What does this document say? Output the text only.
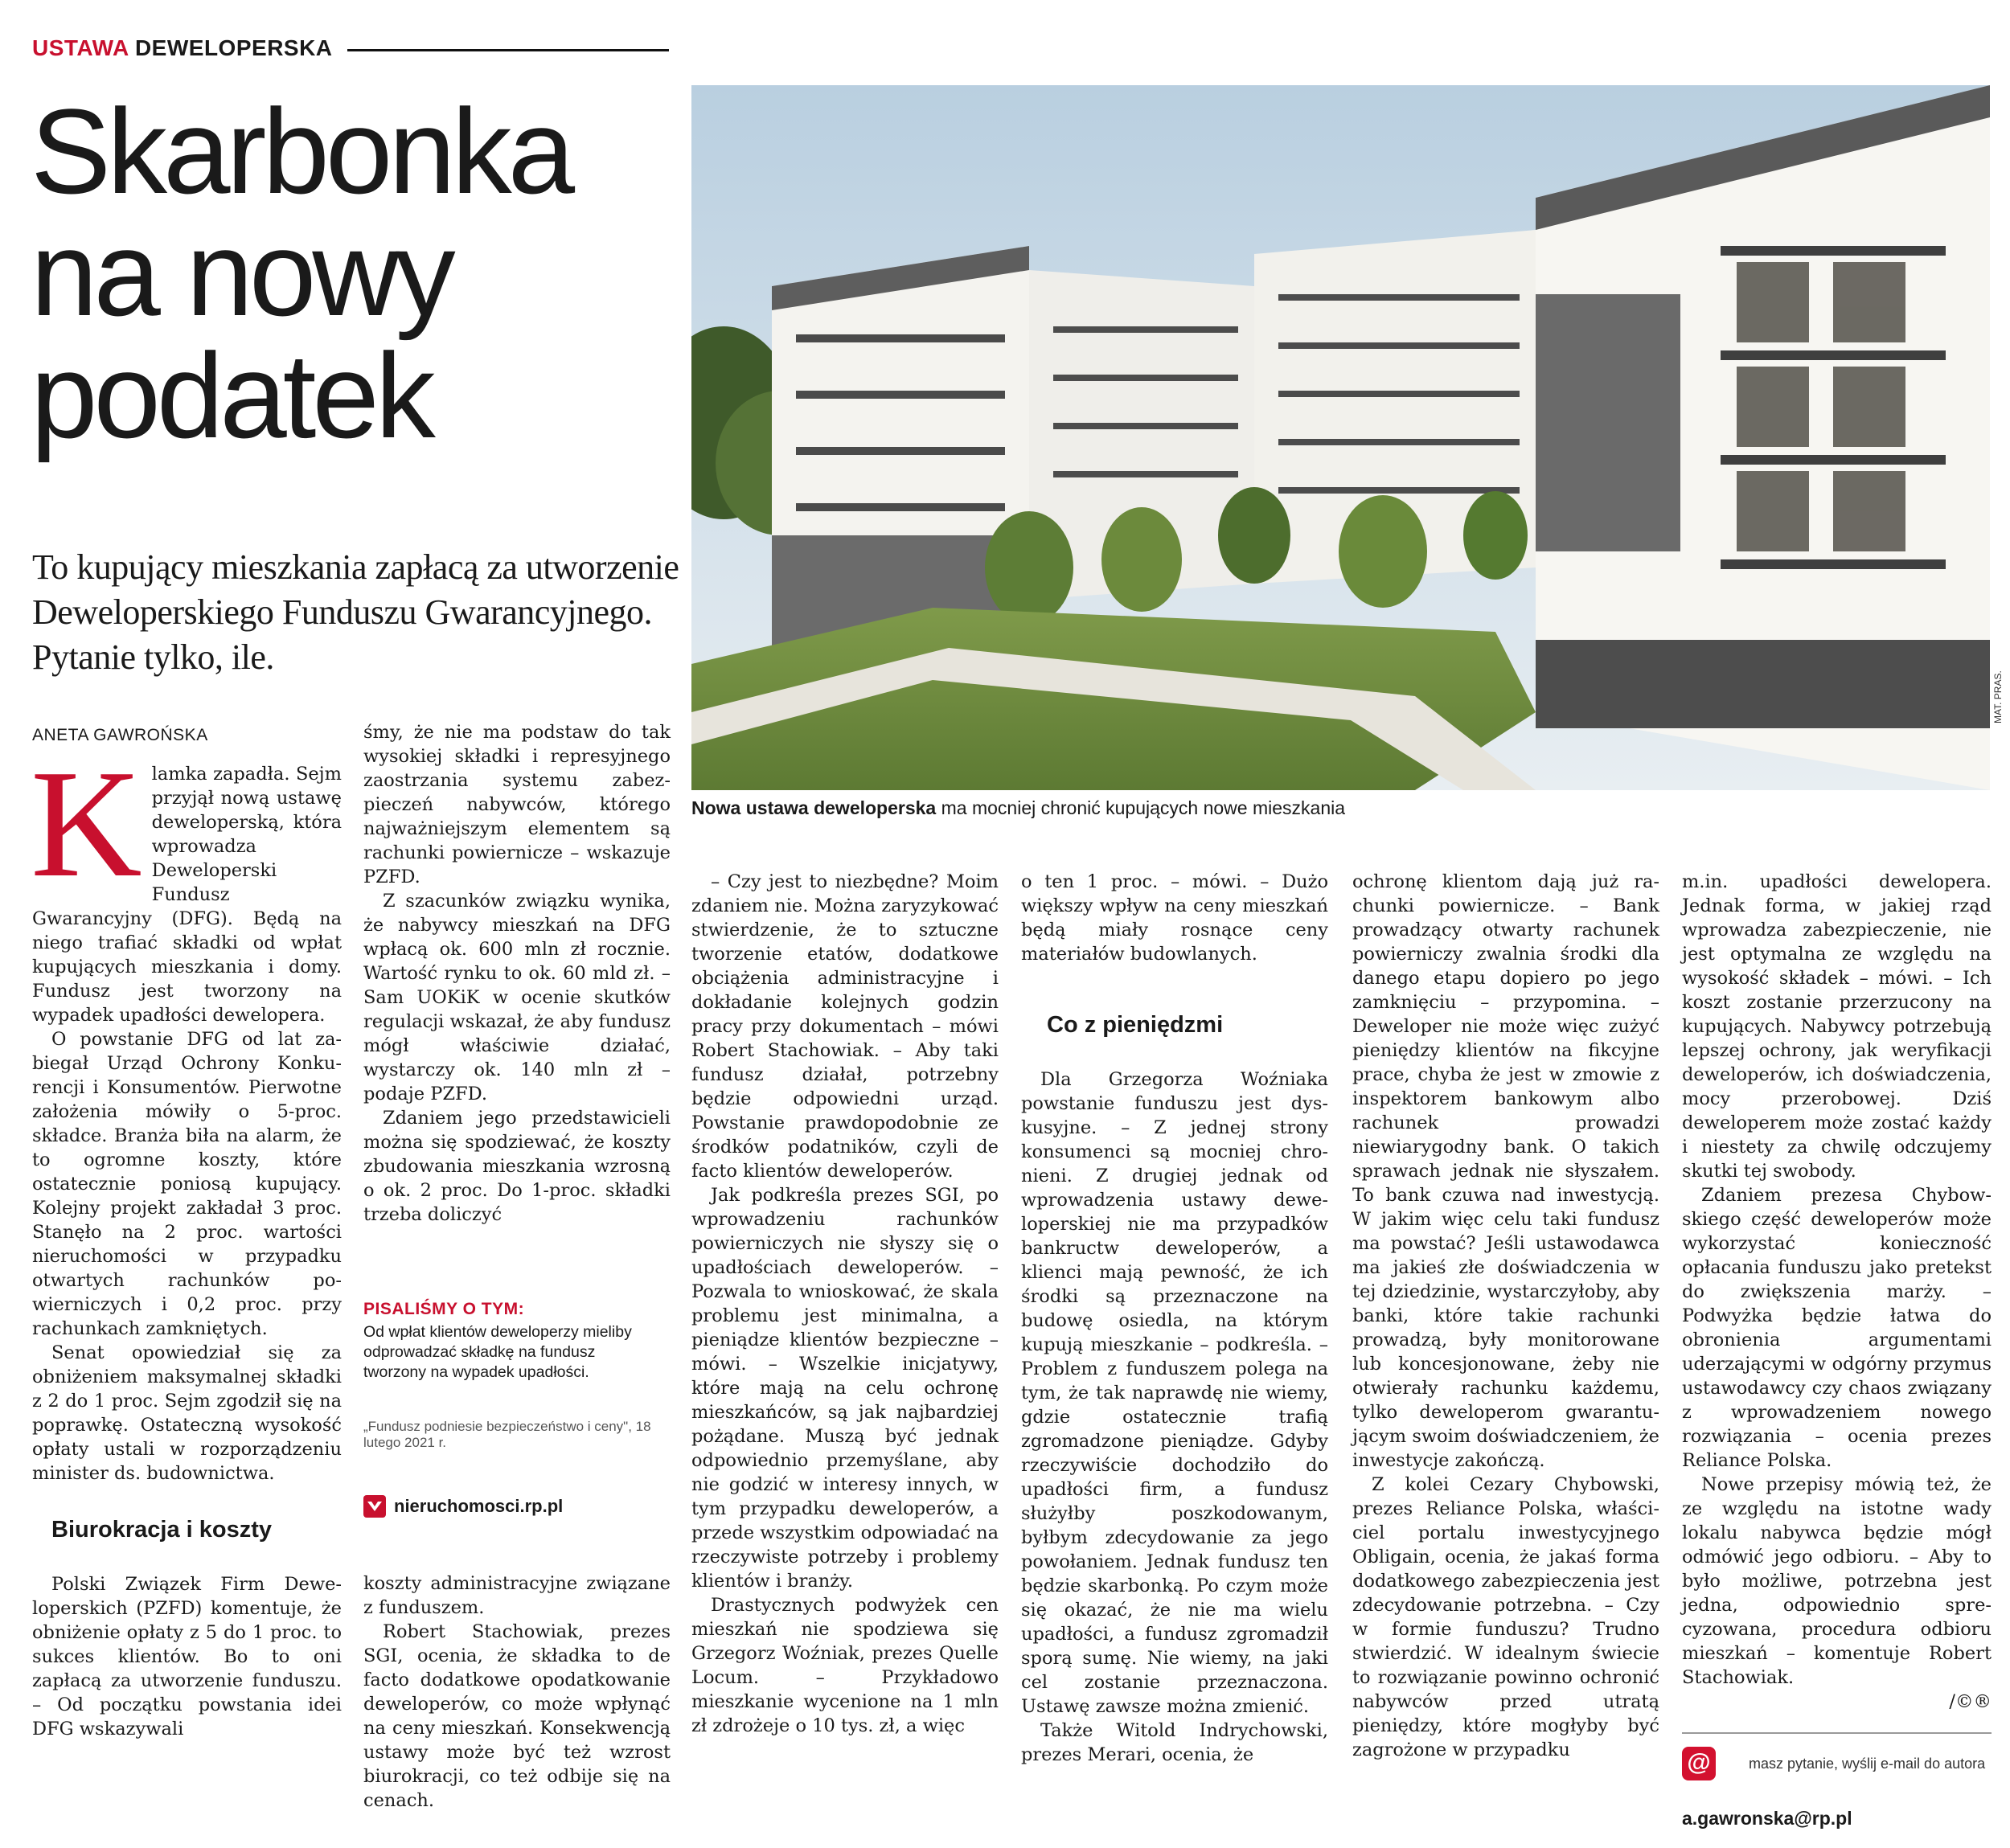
USTAWA DEWELOPERSKA
Skarbonka
na nowy
podatek
To kupujący mieszkania zapłacą za utworzenie Deweloperskiego Funduszu Gwarancyjnego. Pytanie tylko, ile.
ANETA GAWROŃSKA
MAT. PRAS.
Nowa ustawa deweloperska ma mocniej chronić kupujących nowe mieszkania
K lamka zapadła. Sejm przyjął nową ustawę deweloperską, która wprowadza Deweloperski Fundusz Gwarancyjny (DFG). Będą na niego trafiać składki od wpłat kupujących mieszkania i domy. Fundusz jest tworzony na wypadek upadłości dewelopera.

O powstanie DFG od lat zabiegał Urząd Ochrony Konkurencji i Konsumentów. Pierwotne założenia mówiły o 5-proc. składce. Branża biła na alarm, że to ogromne koszty, które ostatecznie poniosą kupujący. Kolejny projekt zakładał 3 proc. Stanęło na 2 proc. wartości nieruchomości w przypadku otwartych rachunków powierniczych i 0,2 proc. przy rachunkach zamkniętych.

Senat opowiedział się za obniżeniem maksymalnej składki z 2 do 1 proc. Sejm zgodził się na poprawkę. Ostateczną wysokość opłaty ustali w rozporządzeniu minister ds. budownictwa.

Biurokracja i koszty

Polski Związek Firm Deweloperskich (PZFD) komentuje, że obniżenie opłaty z 5 do 1 proc. to sukces klientów. Bo to oni zapłacą za utworzenie funduszu. – Od początku powstania idei DFG wskazywali

śmy, że nie ma podstaw do tak wysokiej składki i represyjnego zaostrzania systemu zabezpieczeń nabywców, którego najważniejszym elementem są rachunki powiernicze – wskazuje PZFD.

Z szacunków związku wynika, że nabywcy mieszkań na DFG wpłacą ok. 600 mln zł rocznie. Wartość rynku to ok. 60 mld zł. – Sam UOKiK w ocenie skutków regulacji wskazał, że aby fundusz mógł właściwie działać, wystarczy ok. 140 mln zł – podaje PZFD.

Zdaniem jego przedstawicieli można się spodziewać, że koszty zbudowania mieszkania wzrosną o ok. 2 proc. Do 1-proc. składki trzeba doliczyć

PISALIŚMY O TYM:
Od wpłat klientów deweloperzy mieliby odprowadzać składkę na fundusz tworzony na wypadek upadłości.
„Fundusz podniesie bezpieczeństwo i ceny", 18 lutego 2021 r.
nieruchomosci.rp.pl

koszty administracyjne związane z funduszem.

Robert Stachowiak, prezes SGI, ocenia, że składka to de facto dodatkowe opodatkowanie deweloperów, co może wpłynąć na ceny mieszkań. Konsekwencją ustawy może być też wzrost biurokracji, co też odbije się na cenach.

– Czy jest to niezbędne? Moim zdaniem nie. Można zaryzykować stwierdzenie, że to sztuczne tworzenie etatów, dodatkowe obciążenia administracyjne i dokładanie kolejnych godzin pracy przy dokumentach – mówi Robert Stachowiak. – Aby taki fundusz działał, potrzebny będzie odpowiedni urząd. Powstanie prawdopodobnie ze środków podatników, czyli de facto klientów deweloperów.

Jak podkreśla prezes SGI, po wprowadzeniu rachunków powierniczych nie słyszy się o upadłościach deweloperów. – Pozwala to wnioskować, że skala problemu jest minimalna, a pieniądze klientów bezpieczne – mówi. – Wszelkie inicjatywy, które mają na celu ochronę mieszkańców, są jak najbardziej pożądane. Muszą być jednak odpowiednio przemyślane, aby nie godzić w interesy innych, w tym przypadku deweloperów, a przede wszystkim odpowiadać na rzeczywiste potrzeby i problemy klientów i branży.

Drastycznych podwyżek cen mieszkań nie spodziewa się Grzegorz Woźniak, prezes Quelle Locum. – Przykładowo mieszkanie wycenione na 1 mln zł zdrożeje o 10 tys. zł, a więc

o ten 1 proc. – mówi. – Dużo większy wpływ na ceny mieszkań będą miały rosnące ceny materiałów budowlanych.

Co z pieniędzmi

Dla Grzegorza Woźniaka powstanie funduszu jest dyskusyjne. – Z jednej strony konsumenci są mocniej chronieni. Z drugiej jednak od wprowadzenia ustawy deweloperskiej nie ma przypadków bankructw deweloperów, a klienci mają pewność, że ich środki są przeznaczone na budowę osiedla, na którym kupują mieszkanie – podkreśla. – Problem z funduszem polega na tym, że tak naprawdę nie wiemy, gdzie ostatecznie trafią zgromadzone pieniądze. Gdyby rzeczywiście dochodziło do upadłości firm, a fundusz służyłby poszkodowanym, byłbym zdecydowanie za jego powołaniem. Jednak fundusz ten będzie skarbonką. Po czym może się okazać, że nie ma wielu upadłości, a fundusz zgromadził sporą sumę. Nie wiemy, na jaki cel zostanie przeznaczona. Ustawę zawsze można zmienić.

Także Witold Indrychowski, prezes Merari, ocenia, że

ochronę klientom dają już rachunki powiernicze. – Bank prowadzący otwarty rachunek powierniczy zwalnia środki dla danego etapu dopiero po jego zamknięciu – przypomina. – Deweloper nie może więc zużyć pieniędzy klientów na fikcyjne prace, chyba że jest w zmowie z inspektorem bankowym albo rachunek prowadzi niewiarygodny bank. O takich sprawach jednak nie słyszałem. To bank czuwa nad inwestycją. W jakim więc celu taki fundusz ma powstać? Jeśli ustawodawca ma jakieś złe doświadczenia w tej dziedzinie, wystarczyłoby, aby banki, które takie rachunki prowadzą, były monitorowane lub koncesjonowane, żeby nie otwierały rachunku każdemu, tylko deweloperom gwarantującym swoim doświadczeniem, że inwestycje zakończą.

Z kolei Cezary Chybowski, prezes Reliance Polska, właściciel portalu inwestycyjnego Obligain, ocenia, że jakaś forma dodatkowego zabezpieczenia jest zdecydowanie potrzebna. – Czy w formie funduszu? Trudno stwierdzić. W idealnym świecie to rozwiązanie powinno ochronić nabywców przed utratą pieniędzy, które mogłyby być zagrożone w przypadku

m.in. upadłości dewelopera. Jednak forma, w jakiej rząd wprowadza zabezpieczenie, nie jest optymalna ze względu na wysokość składek – mówi. – Ich koszt zostanie przerzucony na kupujących. Nabywcy potrzebują lepszej ochrony, jak weryfikacji deweloperów, ich doświadczenia, mocy przerobowej. Dziś deweloperem może zostać każdy i niestety za chwilę odczujemy skutki tej swobody.

Zdaniem prezesa Chybowskiego część deweloperów może wykorzystać konieczność opłacania funduszu jako pretekst do zwiększenia marży. – Podwyżka będzie łatwa do obronienia argumentami uderzającymi w odgórny przymus ustawodawcy czy chaos związany z wprowadzeniem nowego rozwiązania – ocenia prezes Reliance Polska.

Nowe przepisy mówią też, że ze względu na istotne wady lokalu nabywca będzie mógł odmówić jego odbioru. – Aby to było możliwe, potrzebna jest jedna, odpowiednio sprecyzowana, procedura odbioru mieszkań – komentuje Robert Stachowiak.

/©®
@	masz pytanie, wyślij e-mail do autora
a.gawronska@rp.pl
